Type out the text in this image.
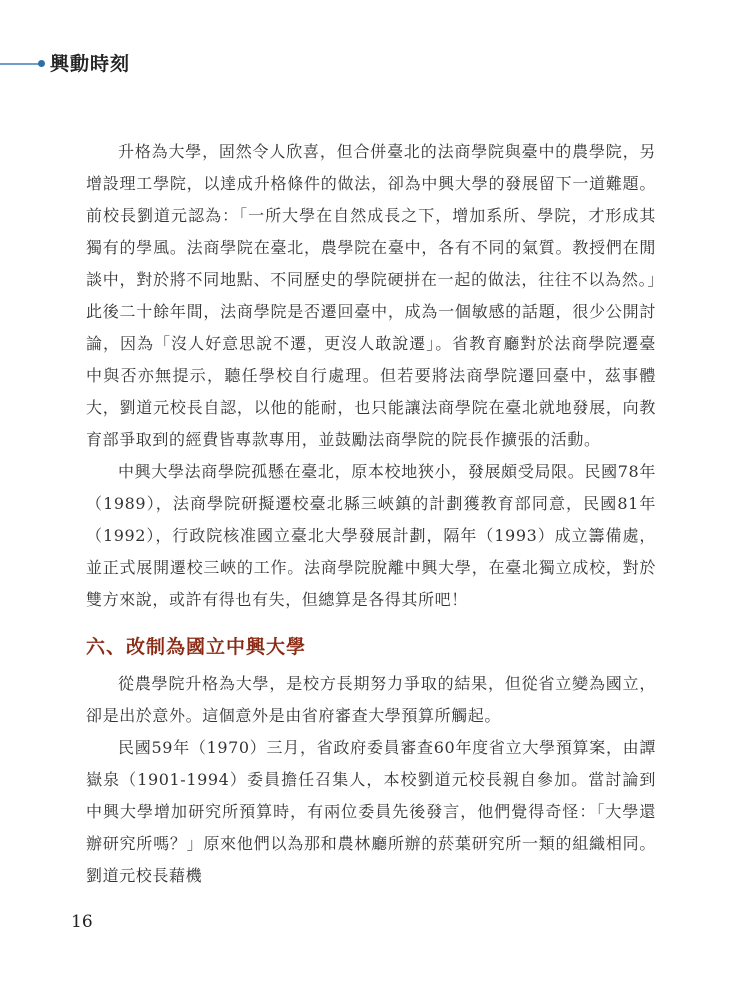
興動時刻

升格為大學，固然令人欣喜，但合併臺北的法商學院與臺中的農學院，另增設理工學院，以達成升格條件的做法，卻為中興大學的發展留下一道難題。前校長劉道元認為：「一所大學在自然成長之下，增加系所、學院，才形成其獨有的學風。法商學院在臺北，農學院在臺中，各有不同的氣質。教授們在閒談中，對於將不同地點、不同歷史的學院硬拼在一起的做法，往往不以為然。」此後二十餘年間，法商學院是否遷回臺中，成為一個敏感的話題，很少公開討論，因為「沒人好意思說不遷，更沒人敢說遷」。省教育廳對於法商學院遷臺中與否亦無提示，聽任學校自行處理。但若要將法商學院遷回臺中，茲事體大，劉道元校長自認，以他的能耐，也只能讓法商學院在臺北就地發展，向教育部爭取到的經費皆專款專用，並鼓勵法商學院的院長作擴張的活動。

中興大學法商學院孤懸在臺北，原本校地狹小，發展頗受局限。民國78年（1989），法商學院研擬遷校臺北縣三峽鎮的計劃獲教育部同意，民國81年（1992），行政院核准國立臺北大學發展計劃，隔年（1993）成立籌備處，並正式展開遷校三峽的工作。法商學院脫離中興大學，在臺北獨立成校，對於雙方來說，或許有得也有失，但總算是各得其所吧！

六、改制為國立中興大學

從農學院升格為大學，是校方長期努力爭取的結果，但從省立變為國立，卻是出於意外。這個意外是由省府審查大學預算所觸起。

民國59年（1970）三月，省政府委員審查60年度省立大學預算案，由譚嶽泉（1901-1994）委員擔任召集人，本校劉道元校長親自參加。當討論到中興大學增加研究所預算時，有兩位委員先後發言，他們覺得奇怪：「大學還辦研究所嗎？」原來他們以為那和農林廳所辦的菸葉研究所一類的組織相同。劉道元校長藉機

16
